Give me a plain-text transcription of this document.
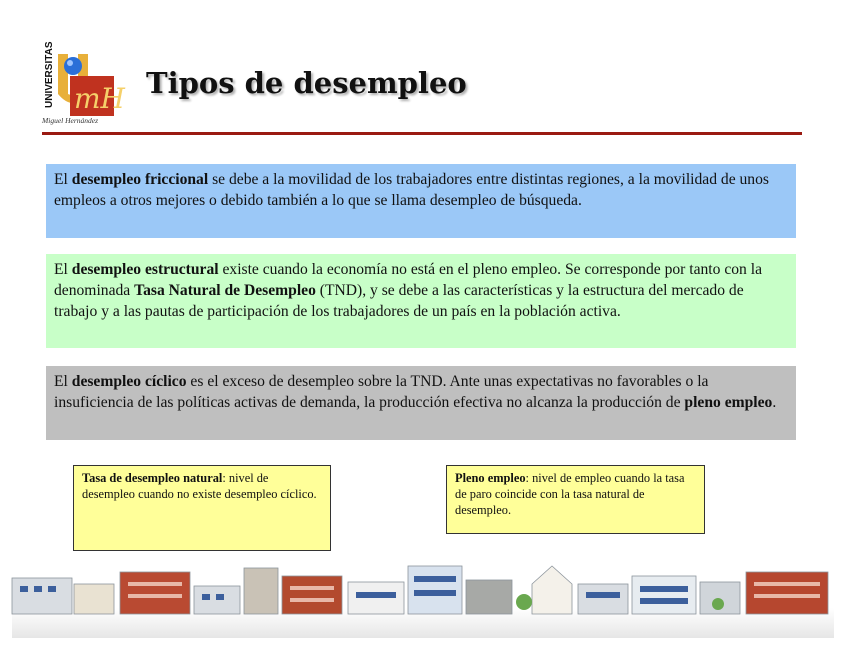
UNIVERSITAS mH
Miguel Hernández
Tipos de desempleo
El desempleo friccional se debe a la movilidad de los trabajadores entre distintas regiones, a la movilidad de unos empleos a otros mejores o debido también a lo que se llama desempleo de búsqueda.
El desempleo estructural existe cuando la economía no está en el pleno empleo. Se corresponde por tanto con la denominada Tasa Natural de Desempleo (TND), y se debe a las características y la estructura del mercado de trabajo y a las pautas de participación de los trabajadores de un país en la población activa.
El desempleo cíclico es el exceso de desempleo sobre la TND. Ante unas expectativas no favorables o la insuficiencia de las políticas activas de demanda, la producción efectiva no alcanza la producción de pleno empleo.
Tasa de desempleo natural: nivel de desempleo cuando no existe desempleo cíclico.
Pleno empleo: nivel de empleo cuando la tasa de paro coincide con la tasa natural de desempleo.
